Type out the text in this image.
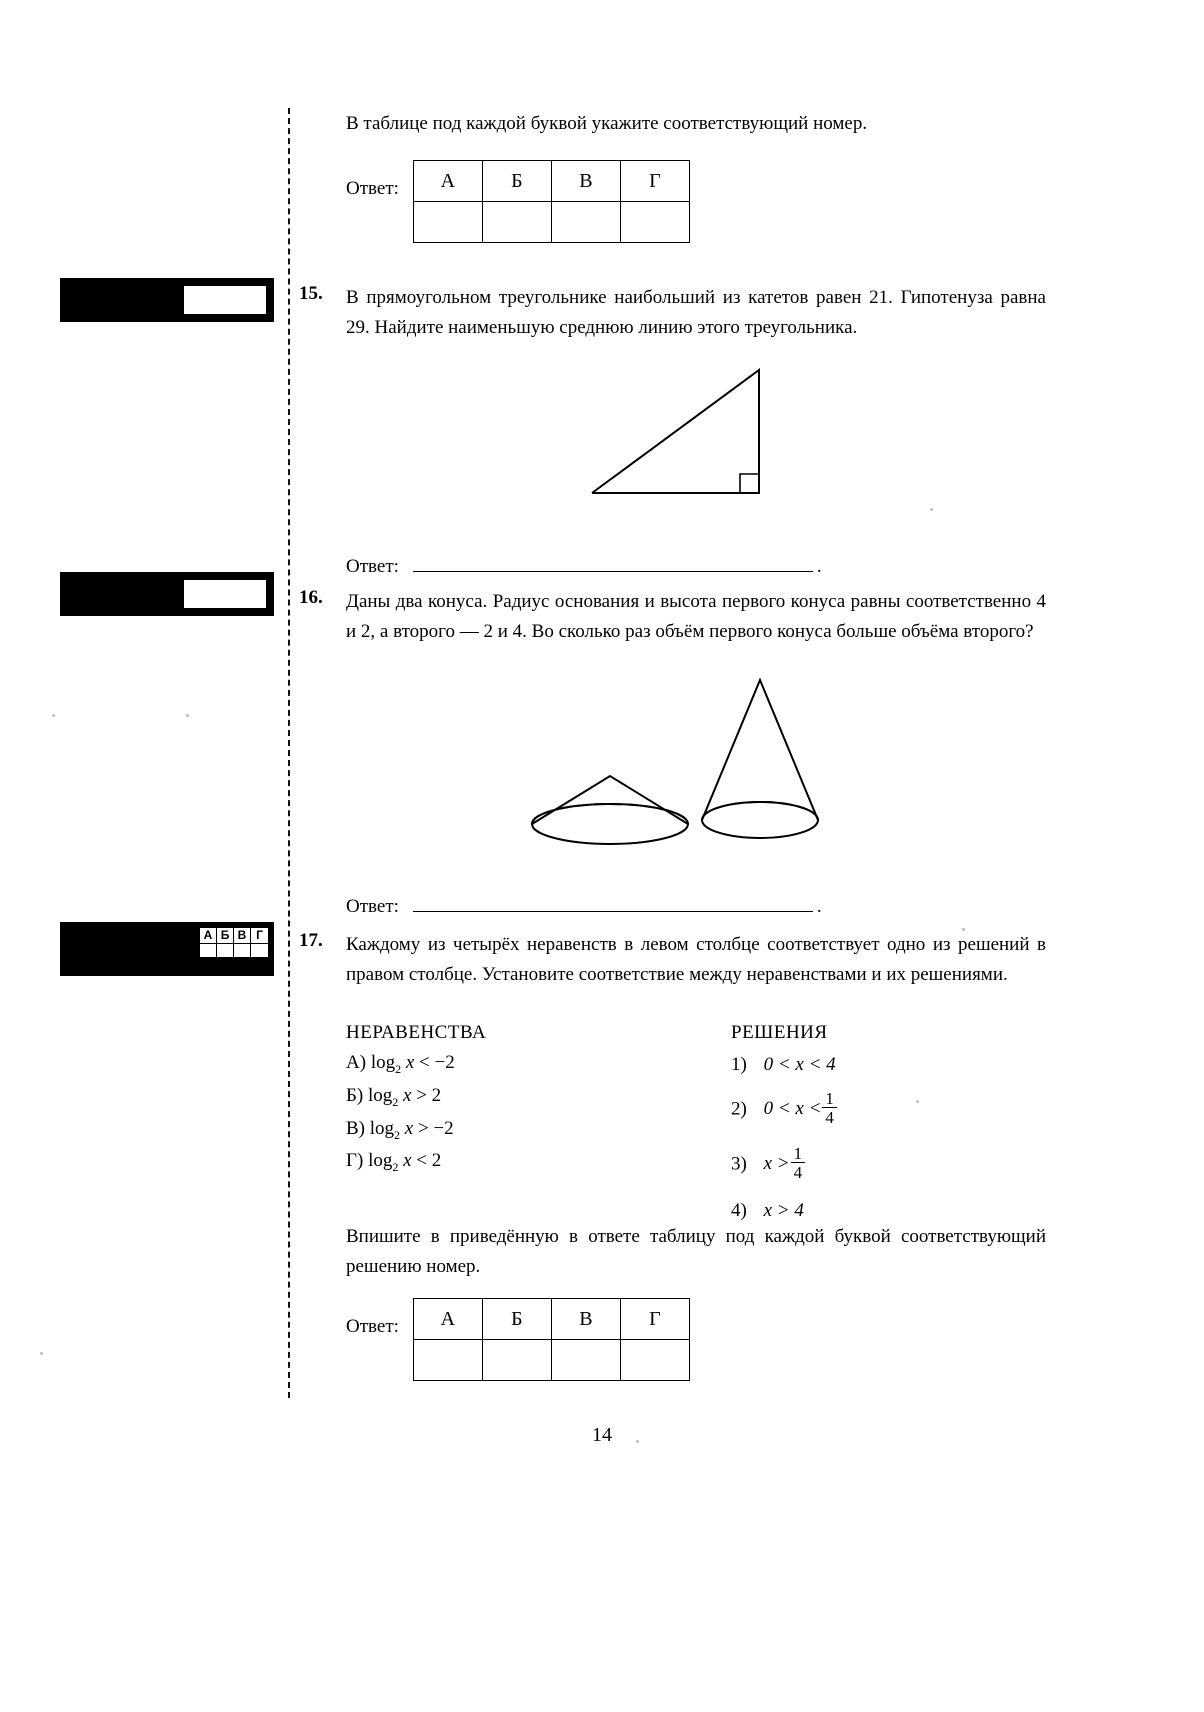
В таблице под каждой буквой укажите соответствующий номер.
Ответ: А	Б	В	Г

15. В прямоугольном треугольнике наибольший из катетов равен 21. Гипотенуза равна 29. Найдите наименьшую среднюю линию этого треугольника.
Ответ:	.
16. Даны два конуса. Радиус основания и высота первого конуса равны соответственно 4 и 2, а второго — 2 и 4. Во сколько раз объём первого конуса больше объёма второго?
Ответ:	.
А Б В Г 17. Каждому из четырёх неравенств в левом столбце соответствует одно из решений в правом столбце. Установите соответствие между неравенствами и их решениями.
НЕРАВЕНСТВА
А) $\log_2 x < -2$
Б) $\log_2 x > 2$
В) $\log_2 x > -2$
Г) $\log_2 x < 2$
РЕШЕНИЯ
1) 0 < x < 4
2) $0 < x < \frac{1}{4}$
3) $x > \frac{1}{4}$
4) x > 4
Впишите в приведённую в ответе таблицу под каждой буквой соответствующий решению номер.
Ответ: А	Б	В	Г

14
